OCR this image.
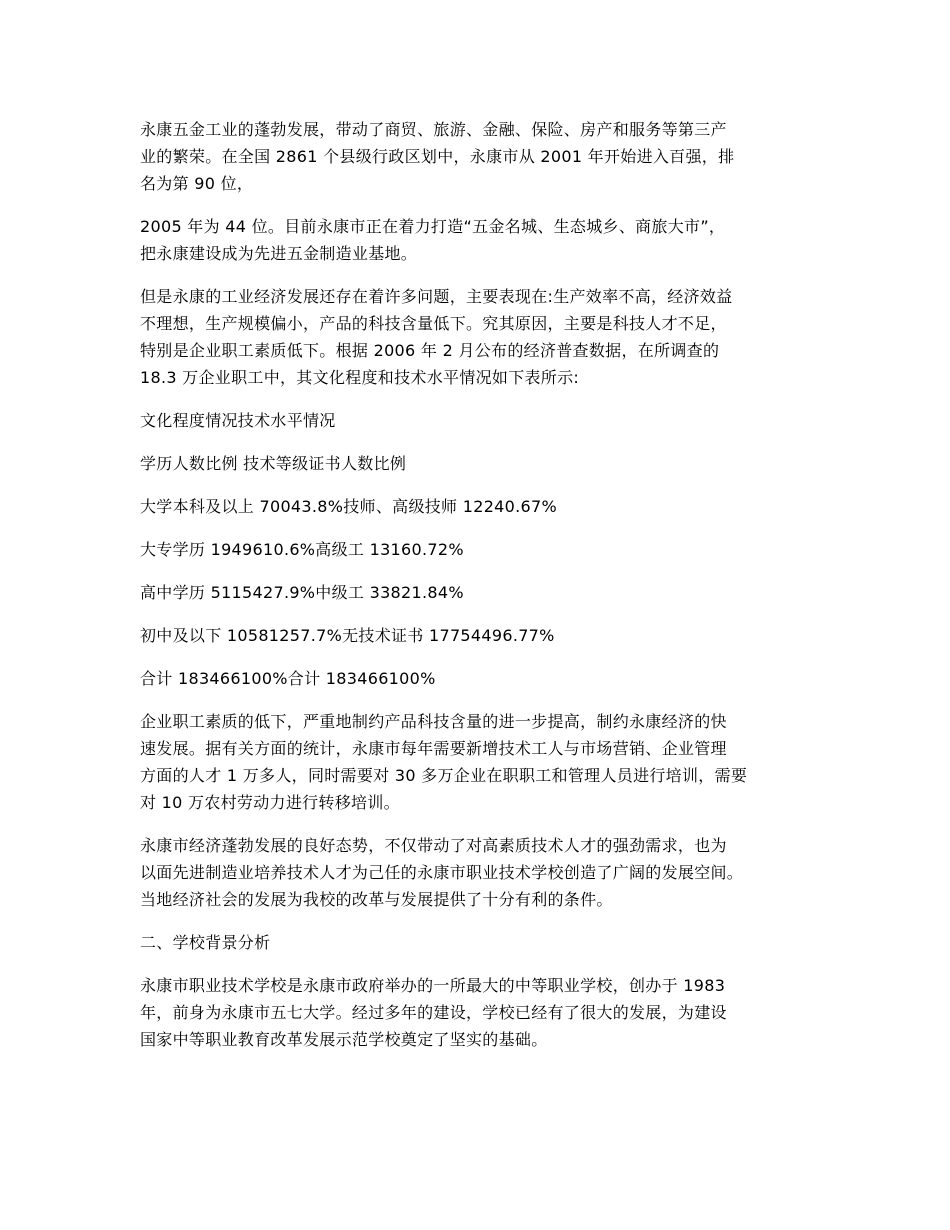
永康五金工业的蓬勃发展，带动了商贸、旅游、金融、保险、房产和服务等第三产
业的繁荣。在全国 2861 个县级行政区划中，永康市从 2001 年开始进入百强，排
名为第 90 位，

2005 年为 44 位。目前永康市正在着力打造“五金名城、生态城乡、商旅大市”，
把永康建设成为先进五金制造业基地。

但是永康的工业经济发展还存在着许多问题，主要表现在:生产效率不高，经济效益
不理想，生产规模偏小，产品的科技含量低下。究其原因，主要是科技人才不足，
特别是企业职工素质低下。根据 2006 年 2 月公布的经济普查数据，在所调查的
18.3 万企业职工中，其文化程度和技术水平情况如下表所示:

文化程度情况技术水平情况

学历人数比例 技术等级证书人数比例

大学本科及以上 70043.8%技师、高级技师 12240.67%

大专学历 1949610.6%高级工 13160.72%

高中学历 5115427.9%中级工 33821.84%

初中及以下 10581257.7%无技术证书 17754496.77%

合计 183466100%合计 183466100%

企业职工素质的低下，严重地制约产品科技含量的进一步提高，制约永康经济的快
速发展。据有关方面的统计，永康市每年需要新增技术工人与市场营销、企业管理
方面的人才 1 万多人，同时需要对 30 多万企业在职职工和管理人员进行培训，需要
对 10 万农村劳动力进行转移培训。

永康市经济蓬勃发展的良好态势，不仅带动了对高素质技术人才的强劲需求，也为
以面先进制造业培养技术人才为己任的永康市职业技术学校创造了广阔的发展空间。
当地经济社会的发展为我校的改革与发展提供了十分有利的条件。

二、学校背景分析

永康市职业技术学校是永康市政府举办的一所最大的中等职业学校，创办于 1983
年，前身为永康市五七大学。经过多年的建设，学校已经有了很大的发展，为建设
国家中等职业教育改革发展示范学校奠定了坚实的基础。
